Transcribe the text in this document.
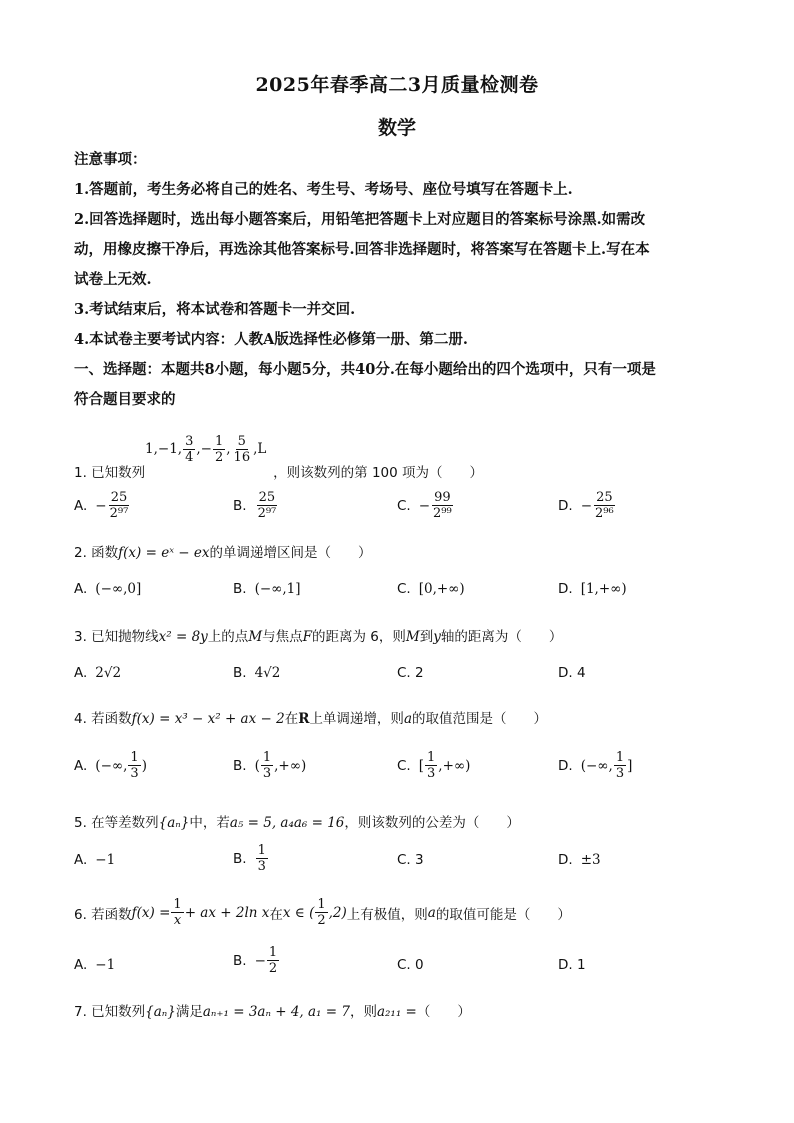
2025年春季高二3月质量检测卷
数学
注意事项：
1.答题前，考生务必将自己的姓名、考生号、考场号、座位号填写在答题卡上.
2.回答选择题时，选出每小题答案后，用铅笔把答题卡上对应题目的答案标号涂黑.如需改
动，用橡皮擦干净后，再选涂其他答案标号.回答非选择题时，将答案写在答题卡上.写在本
试卷上无效.
3.考试结束后，将本试卷和答题卡一并交回.
4.本试卷主要考试内容：人教A版选择性必修第一册、第二册.
一、选择题：本题共8小题，每小题5分，共40分.在每小题给出的四个选项中，只有一项是
符合题目要求的
1,−1, $\frac{3}{4}$ ,− $\frac{1}{2}$ , $\frac{5}{16} ,L$
1. 已知数列	，则该数列的第 100 项为（　　）
A. − $\frac{25}{\text{2⁹⁷}}$	B. $\frac{25}{\text{2⁹⁷}}$	C. − $\frac{99}{\text{2⁹⁹}}$	D. − $\frac{25}{\text{2⁹⁶}}$
2. 函数f(x) = eˣ − ex的单调递增区间是（　　）
A. (−∞,0]	B. (−∞,1]	C. [0,+∞)	D. [1,+∞)
3. 已知抛物线x² = 8y上的点M与焦点F的距离为 6，则M到y轴的距离为（　　）
A. 2√2	B. 4√2	C. 2	D. 4
4. 若函数f(x) = x³ − x² + ax − 2在R上单调递增，则a的取值范围是（　　）
A. (−∞, $\frac{1}{3}$ )	B. ( $\frac{1}{3}$ ,+∞)	C. [ $\frac{1}{3}$ ,+∞)	D. (−∞, $\frac{1}{3}$ ]
5. 在等差数列{aₙ}中，若a₅ = 5, a₄a₆ = 16，则该数列的公差为（　　）
A. −1	B. $\frac{1}{3}$	C. 3	D. ±3
6. 若函数 $f(x) = \frac{1}{x}$ + ax + 2ln x 在 x ∈ ( $\frac{1}{2} ,2$) 上有极值，则 a 的取值可能是（　　）
A. −1	B. − $\frac{1}{2}$	C. 0	D. 1
7. 已知数列{aₙ}满足aₙ₊₁ = 3aₙ + 4, a₁ = 7，则a₂₁₁ =（　　）
